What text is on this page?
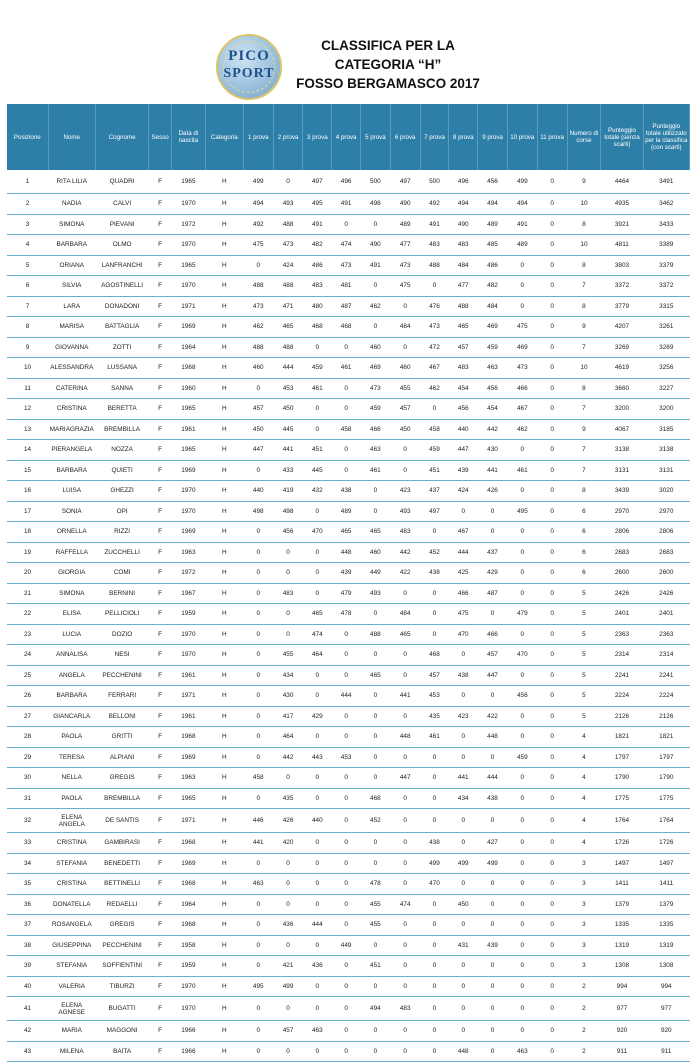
PICO
SPORT
CLASSIFICA PER LA
CATEGORIA “H”
FOSSO BERGAMASCO 2017
Posizione	Nome	Cognome	Sesso	Data di nascita	Categoria	1 prova	2 prova	3 prova	4 prova	5 prova	6 prova	7 prova	8 prova	9 prova	10 prova	11 prova	Numero di corse	Punteggio totale (senza scarti)	Punteggio totale utilizzato per la classifica (con scarti)
1	RITA LILIA	QUADRI	F	1965	H	499	0	497	496	500	497	500	496	456	499	0	9	4464	3491
2	NADIA	CALVI	F	1970	H	494	493	495	491	498	490	492	494	494	494	0	10	4935	3462
3	SIMONA	PIEVANI	F	1972	H	492	488	491	0	0	489	491	490	489	491	0	8	3921	3433
4	BARBARA	OLMO	F	1970	H	475	473	482	474	490	477	483	483	485	489	0	10	4811	3389
5	ORIANA	LANFRANCHI	F	1965	H	0	424	486	473	491	473	488	484	486	0	0	8	3803	3379
6	SILVIA	AGOSTINELLI	F	1970	H	488	488	483	481	0	475	0	477	482	0	0	7	3372	3372
7	LARA	DONADONI	F	1971	H	473	471	480	487	462	0	476	488	484	0	0	8	3779	3315
8	MARISA	BATTAGLIA	F	1969	H	462	465	468	468	0	484	473	465	469	475	0	9	4207	3261
9	GIOVANNA	ZOTTI	F	1964	H	488	488	0	0	460	0	472	457	459	469	0	7	3269	3269
10	ALESSANDRA	LUSSANA	F	1968	H	460	444	459	461	469	460	467	483	463	473	0	10	4619	3256
11	CATERINA	SANNA	F	1960	H	0	453	461	0	473	455	462	454	456	466	0	8	3660	3227
12	CRISTINA	BERETTA	F	1965	H	457	450	0	0	459	457	0	456	454	467	0	7	3200	3200
13	MARIAGRAZIA	BREMBILLA	F	1961	H	450	445	0	458	466	450	458	440	442	462	0	9	4067	3185
14	PIERANGELA	NOZZA	F	1965	H	447	441	451	0	463	0	459	447	430	0	0	7	3138	3138
15	BARBARA	QUIETI	F	1969	H	0	433	445	0	461	0	451	439	441	461	0	7	3131	3131
16	LUISA	GHEZZI	F	1970	H	440	419	432	438	0	423	437	424	426	0	0	8	3439	3020
17	SONIA	OPI	F	1970	H	498	498	0	489	0	493	497	0	0	495	0	6	2970	2970
18	ORNELLA	RIZZI	F	1969	H	0	456	470	465	465	483	0	467	0	0	0	6	2806	2806
19	RAFFELLA	ZUCCHELLI	F	1963	H	0	0	0	448	460	442	452	444	437	0	0	6	2683	2683
20	GIORGIA	COMI	F	1972	H	0	0	0	439	449	422	438	425	429	0	0	6	2600	2600
21	SIMONA	BERNINI	F	1967	H	0	483	0	479	493	0	0	466	487	0	0	5	2426	2426
22	ELISA	PELLICIOLI	F	1959	H	0	0	465	478	0	484	0	475	0	479	0	5	2401	2401
23	LUCIA	DOZIO	F	1970	H	0	0	474	0	488	465	0	470	466	0	0	5	2363	2363
24	ANNALISA	NESI	F	1970	H	0	455	464	0	0	0	468	0	457	470	0	5	2314	2314
25	ANGELA	PECCHENINI	F	1961	H	0	434	0	0	465	0	457	438	447	0	0	5	2241	2241
26	BARBARA	FERRARI	F	1971	H	0	430	0	444	0	441	453	0	0	456	0	5	2224	2224
27	GIANCARLA	BELLONI	F	1961	H	0	417	429	0	0	0	435	423	422	0	0	5	2126	2126
28	PAOLA	GRITTI	F	1968	H	0	464	0	0	0	448	461	0	448	0	0	4	1821	1821
29	TERESA	ALPIANI	F	1969	H	0	442	443	453	0	0	0	0	0	459	0	4	1797	1797
30	NELLA	GREGIS	F	1963	H	458	0	0	0	0	447	0	441	444	0	0	4	1790	1790
31	PAOLA	BREMBILLA	F	1965	H	0	435	0	0	468	0	0	434	438	0	0	4	1775	1775
32	ELENA ANGELA	DE SANTIS	F	1971	H	446	426	440	0	452	0	0	0	0	0	0	4	1764	1764
33	CRISTINA	GAMBIRASI	F	1968	H	441	420	0	0	0	0	438	0	427	0	0	4	1726	1726
34	STEFANIA	BENEDETTI	F	1969	H	0	0	0	0	0	0	499	499	499	0	0	3	1497	1497
35	CRISTINA	BETTINELLI	F	1968	H	463	0	0	0	478	0	470	0	0	0	0	3	1411	1411
36	DONATELLA	REDAELLI	F	1964	H	0	0	0	0	455	474	0	450	0	0	0	3	1379	1379
37	ROSANGELA	GREGIS	F	1968	H	0	436	444	0	455	0	0	0	0	0	0	3	1335	1335
38	GIUSEPPINA	PECCHENINI	F	1958	H	0	0	0	449	0	0	0	431	439	0	0	3	1319	1319
39	STEFANIA	SOFFIENTINI	F	1959	H	0	421	436	0	451	0	0	0	0	0	0	3	1308	1308
40	VALERIA	TIBURZI	F	1970	H	495	499	0	0	0	0	0	0	0	0	0	2	994	994
41	ELENA AGNESE	BUGATTI	F	1970	H	0	0	0	0	494	483	0	0	0	0	0	2	977	977
42	MARIA	MAGGONI	F	1966	H	0	457	463	0	0	0	0	0	0	0	0	2	920	920
43	MILENA	BAITA	F	1966	H	0	0	0	0	0	0	0	448	0	463	0	2	911	911
